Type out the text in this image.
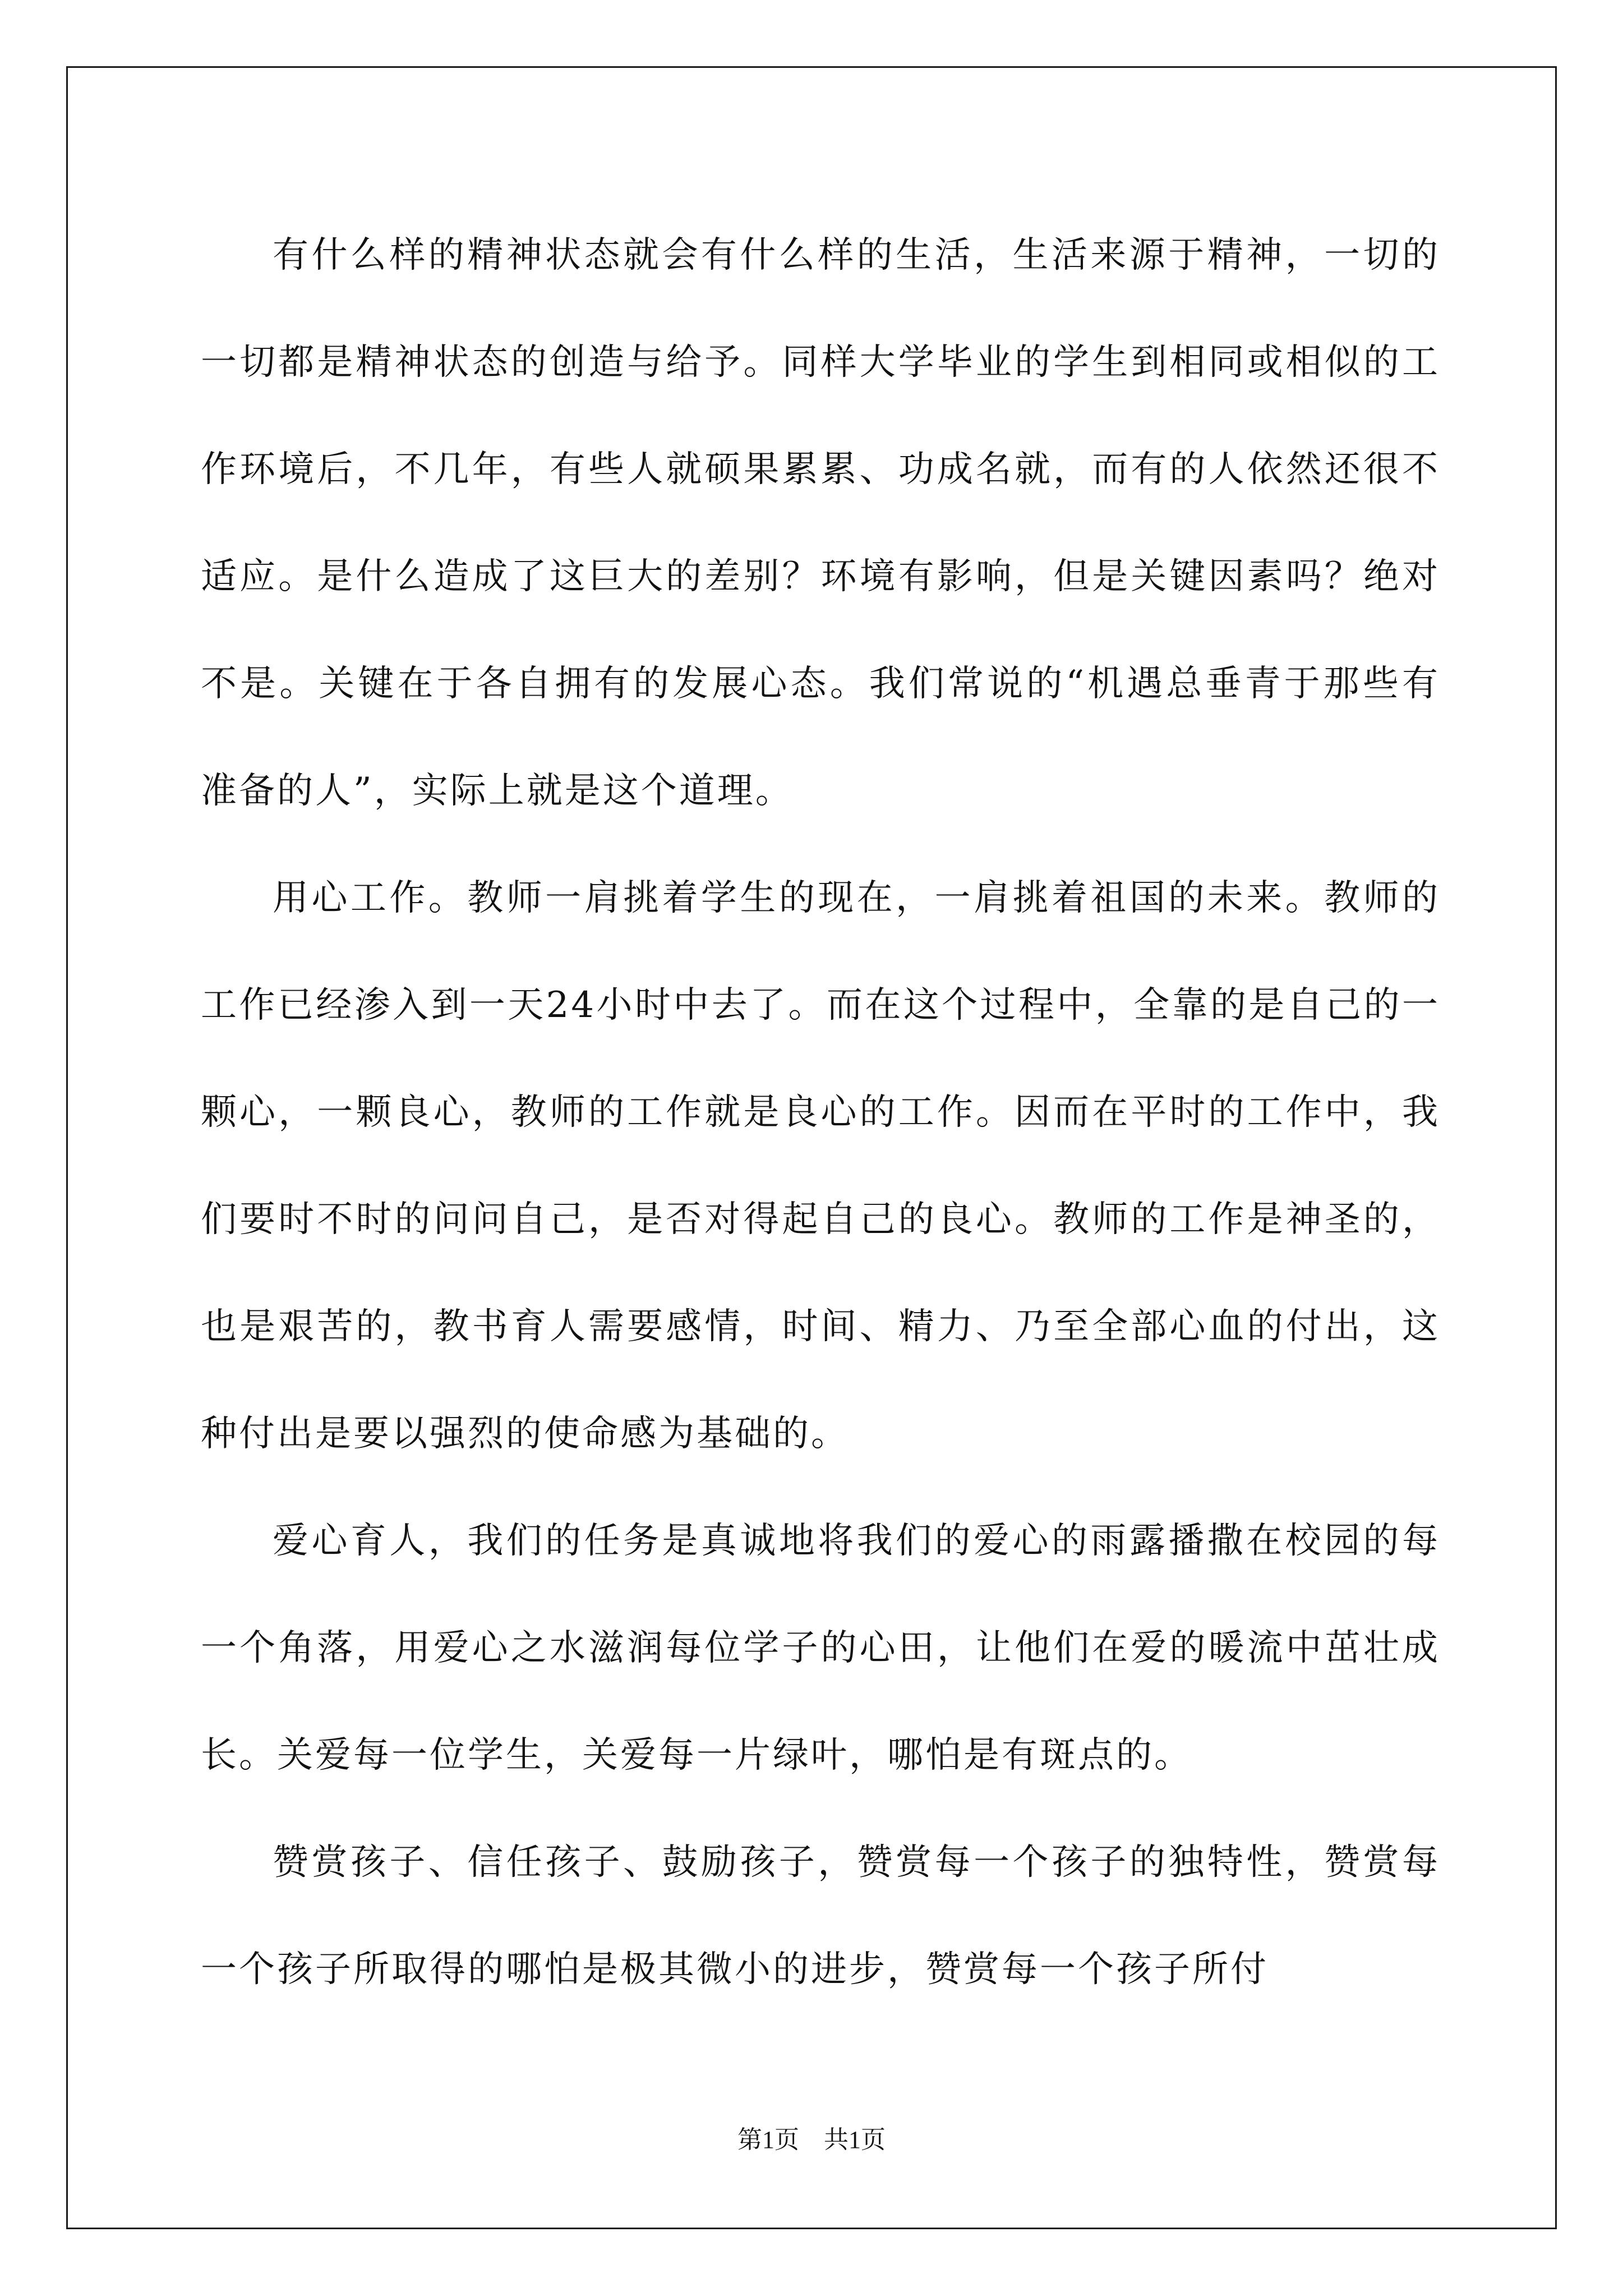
有什么样的精神状态就会有什么样的生活，生活来源于精神，一切的一切都是精神状态的创造与给予。同样大学毕业的学生到相同或相似的工作环境后，不几年，有些人就硕果累累、功成名就，而有的人依然还很不适应。是什么造成了这巨大的差别？环境有影响，但是关键因素吗？绝对不是。关键在于各自拥有的发展心态。我们常说的“机遇总垂青于那些有准备的人”，实际上就是这个道理。

用心工作。教师一肩挑着学生的现在，一肩挑着祖国的未来。教师的工作已经渗入到一天24小时中去了。而在这个过程中，全靠的是自己的一颗心，一颗良心，教师的工作就是良心的工作。因而在平时的工作中，我们要时不时的问问自己，是否对得起自己的良心。教师的工作是神圣的，也是艰苦的，教书育人需要感情，时间、精力、乃至全部心血的付出，这种付出是要以强烈的使命感为基础的。

爱心育人，我们的任务是真诚地将我们的爱心的雨露播撒在校园的每一个角落，用爱心之水滋润每位学子的心田，让他们在爱的暖流中茁壮成长。关爱每一位学生，关爱每一片绿叶，哪怕是有斑点的。

赞赏孩子、信任孩子、鼓励孩子，赞赏每一个孩子的独特性，赞赏每一个孩子所取得的哪怕是极其微小的进步，赞赏每一个孩子所付

第1页　共1页
